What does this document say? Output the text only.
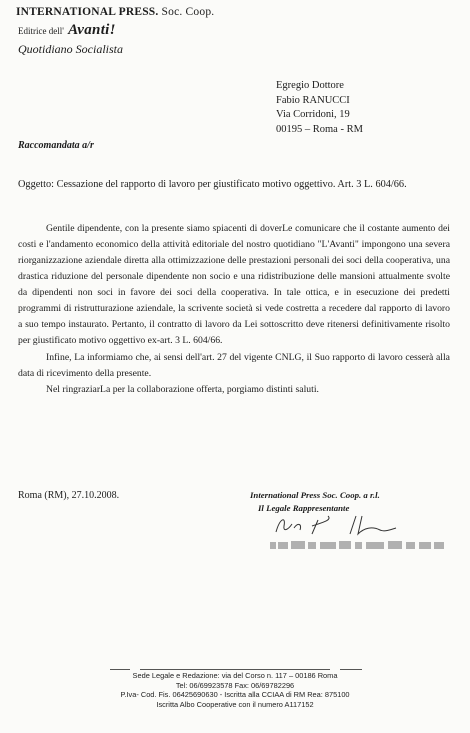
INTERNATIONAL PRESS. Soc. Coop.
Editrice dell' Avanti!
Quotidiano Socialista
Egregio Dottore
Fabio RANUCCI
Via Corridoni, 19
00195 – Roma - RM
Raccomandata a/r
Oggetto: Cessazione del rapporto di lavoro per giustificato motivo oggettivo. Art. 3 L. 604/66.

Gentile dipendente, con la presente siamo spiacenti di doverLe comunicare che il costante aumento dei costi e l'andamento economico della attività editoriale del nostro quotidiano "L'Avanti" impongono una severa riorganizzazione aziendale diretta alla ottimizzazione delle prestazioni personali dei soci della cooperativa, una drastica riduzione del personale dipendente non socio e una ridistribuzione delle mansioni attualmente svolte da dipendenti non soci in favore dei soci della cooperativa. In tale ottica, e in esecuzione dei predetti programmi di ristrutturazione aziendale, la scrivente società si vede costretta a recedere dal rapporto di lavoro a suo tempo instaurato. Pertanto, il contratto di lavoro da Lei sottoscritto deve ritenersi definitivamente risolto per giustificato motivo oggettivo ex-art. 3 L. 604/66.

Infine, La informiamo che, ai sensi dell'art. 27 del vigente CNLG, il Suo rapporto di lavoro cesserà alla data di ricevimento della presente.

Nel ringraziarLa per la collaborazione offerta, porgiamo distinti saluti.

Roma (RM), 27.10.2008.	International Press Soc. Coop. a r.l.
Il Legale Rappresentante
Sede Legale e Redazione: via del Corso n. 117 – 00186 Roma
Tel: 06/69923578 Fax: 06/69782296
P.Iva- Cod. Fis. 06425690630 - Iscritta alla CCIAA di RM Rea: 875100
Iscritta Albo Cooperative con il numero A117152
